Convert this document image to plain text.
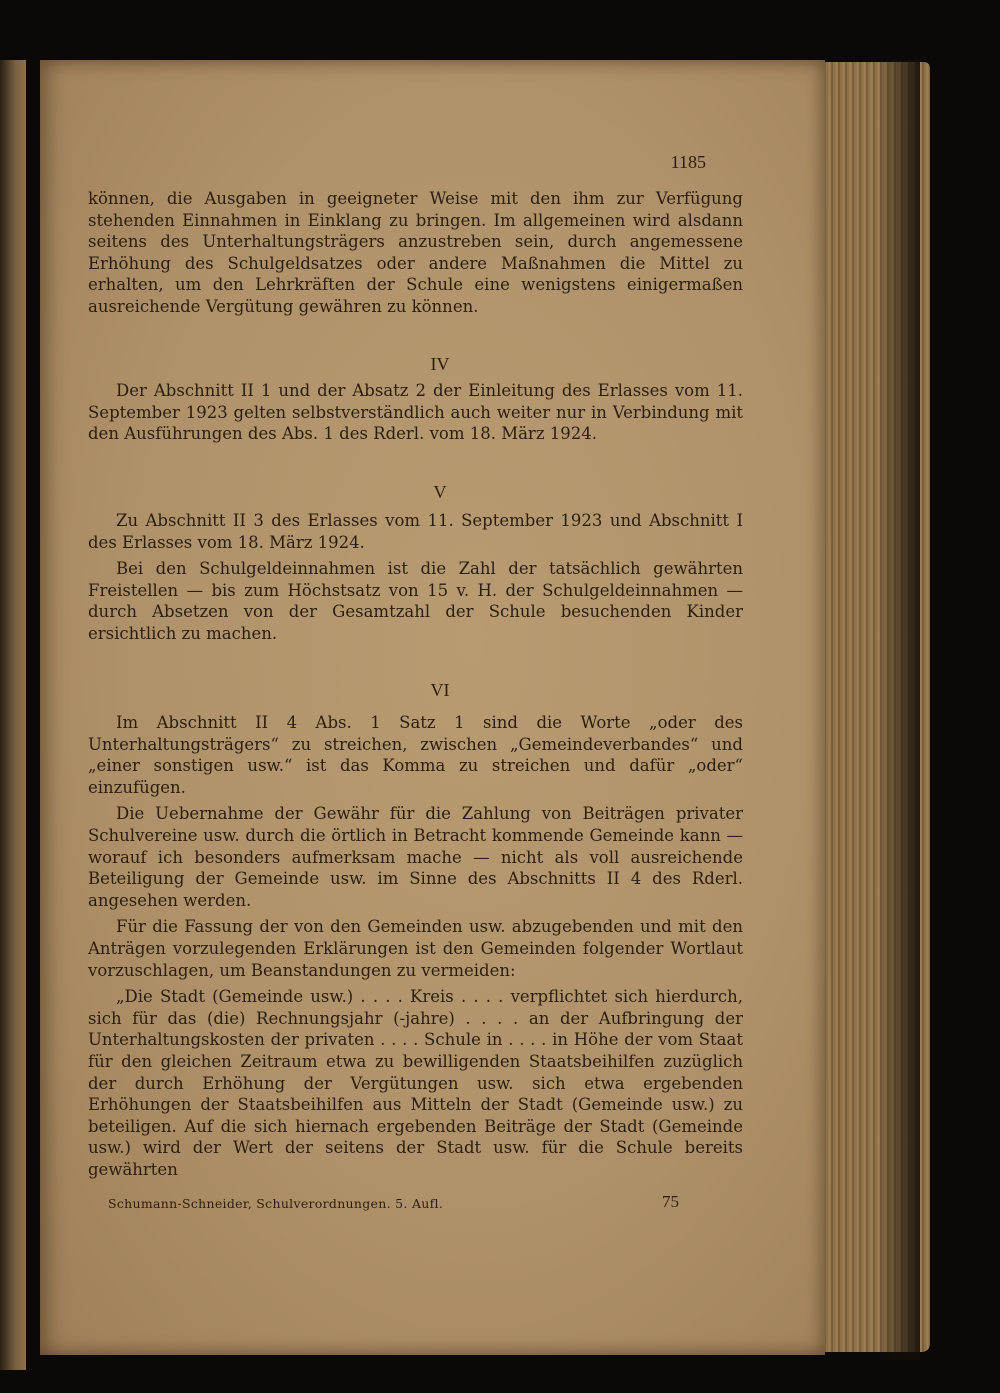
1185

können, die Ausgaben in geeigneter Weise mit den ihm zur Verfügung stehenden Einnahmen in Einklang zu bringen. Im allgemeinen wird alsdann seitens des Unterhaltungsträgers anzustreben sein, durch angemessene Erhöhung des Schulgeldsatzes oder andere Maßnahmen die Mittel zu erhalten, um den Lehrkräften der Schule eine wenigstens einigermaßen ausreichende Vergütung gewähren zu können.

IV

Der Abschnitt II 1 und der Absatz 2 der Einleitung des Erlasses vom 11. September 1923 gelten selbstverständlich auch weiter nur in Verbindung mit den Ausführungen des Abs. 1 des Rderl. vom 18. März 1924.

V

Zu Abschnitt II 3 des Erlasses vom 11. September 1923 und Abschnitt I des Erlasses vom 18. März 1924.

Bei den Schulgeldeinnahmen ist die Zahl der tatsächlich gewährten Freistellen — bis zum Höchstsatz von 15 v. H. der Schulgeldeinnahmen — durch Absetzen von der Gesamtzahl der Schule besuchenden Kinder ersichtlich zu machen.

VI

Im Abschnitt II 4 Abs. 1 Satz 1 sind die Worte „oder des Unterhaltungsträgers“ zu streichen, zwischen „Gemeindeverbandes“ und „einer sonstigen usw.“ ist das Komma zu streichen und dafür „oder“ einzufügen.

Die Uebernahme der Gewähr für die Zahlung von Beiträgen privater Schulvereine usw. durch die örtlich in Betracht kommende Gemeinde kann — worauf ich besonders aufmerksam mache — nicht als voll ausreichende Beteiligung der Gemeinde usw. im Sinne des Abschnitts II 4 des Rderl. angesehen werden.

Für die Fassung der von den Gemeinden usw. abzugebenden und mit den Anträgen vorzulegenden Erklärungen ist den Gemeinden folgender Wortlaut vorzuschlagen, um Beanstandungen zu vermeiden:

„Die Stadt (Gemeinde usw.) . . . . Kreis . . . . verpflichtet sich hierdurch, sich für das (die) Rechnungsjahr (-jahre) . . . . an der Aufbringung der Unterhaltungskosten der privaten . . . . Schule in . . . . in Höhe der vom Staat für den gleichen Zeitraum etwa zu bewilligenden Staatsbeihilfen zuzüglich der durch Erhöhung der Vergütungen usw. sich etwa ergebenden Erhöhungen der Staatsbeihilfen aus Mitteln der Stadt (Gemeinde usw.) zu beteiligen. Auf die sich hiernach ergebenden Beiträge der Stadt (Gemeinde usw.) wird der Wert der seitens der Stadt usw. für die Schule bereits gewährten

Schumann-Schneider, Schulverordnungen. 5. Aufl.	75
